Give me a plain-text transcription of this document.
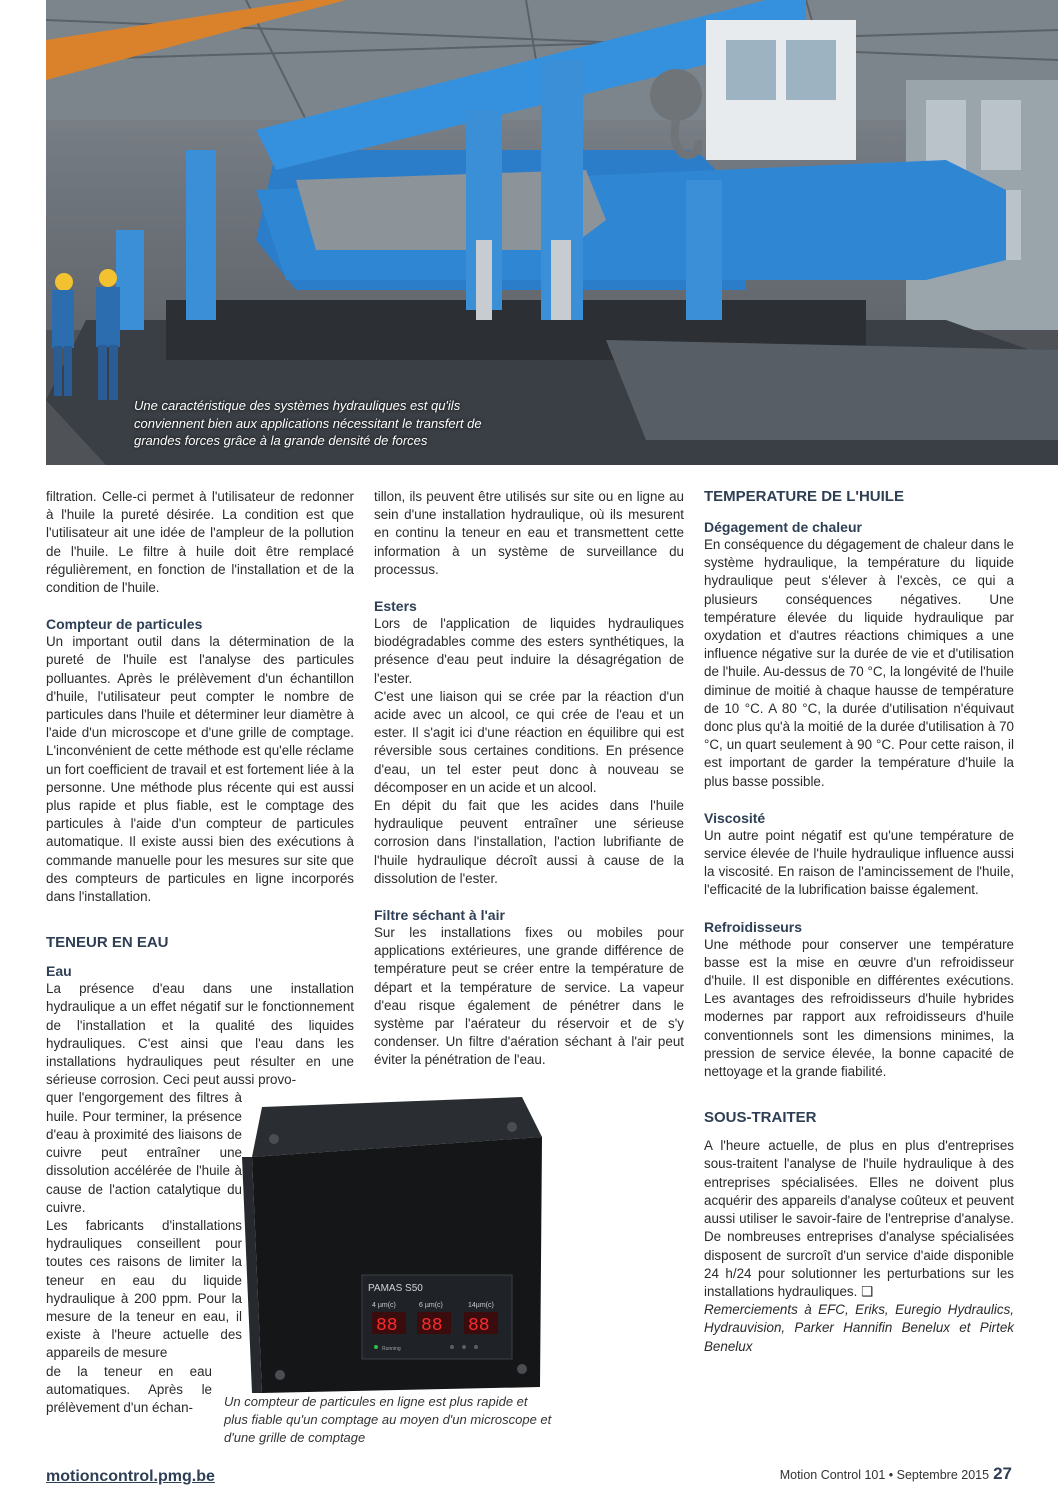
Une caractéristique des systèmes hydrauliques est qu'ils conviennent bien aux applications nécessitant le transfert de grandes forces grâce à la grande densité de forces

filtration. Celle-ci permet à l'utilisateur de redonner à l'huile la pureté désirée. La condition est que l'utilisateur ait une idée de l'ampleur de la pollution de l'huile. Le filtre à huile doit être remplacé régulièrement, en fonction de l'installation et de la condition de l'huile.

Compteur de particules

Un important outil dans la détermination de la pureté de l'huile est l'analyse des particules polluantes. Après le prélèvement d'un échantillon d'huile, l'utilisateur peut compter le nombre de particules dans l'huile et déterminer leur diamètre à l'aide d'un microscope et d'une grille de comptage. L'inconvénient de cette méthode est qu'elle réclame un fort coefficient de travail et est fortement liée à la personne. Une méthode plus récente qui est aussi plus rapide et plus fiable, est le comptage des particules à l'aide d'un compteur de particules automatique. Il existe aussi bien des exécutions à commande manuelle pour les mesures sur site que des compteurs de particules en ligne incorporés dans l'installation.

TENEUR EN EAU
Eau

La présence d'eau dans une installation hydraulique a un effet négatif sur le fonctionnement de l'installation et la qualité des liquides hydrauliques. C'est ainsi que l'eau dans les installations hydrauliques peut résulter en une sérieuse corrosion. Ceci peut aussi provo-

quer l'engorgement des filtres à huile. Pour terminer, la présence d'eau à proximité des liaisons de cuivre peut entraîner une dissolution accélérée de l'huile à cause de l'action catalytique du cuivre.

Les fabricants d'installations hydrauliques conseillent pour toutes ces raisons de limiter la teneur en eau du liquide hydraulique à 200 ppm. Pour la mesure de la teneur en eau, il existe à l'heure actuelle des appareils de mesure

de la teneur en eau automatiques. Après le prélèvement d'un échan-

tillon, ils peuvent être utilisés sur site ou en ligne au sein d'une installation hydraulique, où ils mesurent en continu la teneur en eau et transmettent cette information à un système de surveillance du processus.

Esters

Lors de l'application de liquides hydrauliques biodégradables comme des esters synthétiques, la présence d'eau peut induire la désagrégation de l'ester.

C'est une liaison qui se crée par la réaction d'un acide avec un alcool, ce qui crée de l'eau et un ester. Il s'agit ici d'une réaction en équilibre qui est réversible sous certaines conditions. En présence d'eau, un tel ester peut donc à nouveau se décomposer en un acide et un alcool.

En dépit du fait que les acides dans l'huile hydraulique peuvent entraîner une sérieuse corrosion dans l'installation, l'action lubrifiante de l'huile hydraulique décroît aussi à cause de la dissolution de l'ester.

Filtre séchant à l'air

Sur les installations fixes ou mobiles pour applications extérieures, une grande différence de température peut se créer entre la température de départ et la température de service. La vapeur d'eau risque également de pénétrer dans le système par l'aérateur du réservoir et de s'y condenser. Un filtre d'aération séchant à l'air peut éviter la pénétration de l'eau.

TEMPERATURE DE L'HUILE
Dégagement de chaleur

En conséquence du dégagement de chaleur dans le système hydraulique, la température du liquide hydraulique peut s'élever à l'excès, ce qui a plusieurs conséquences négatives. Une température élevée du liquide hydraulique par oxydation et d'autres réactions chimiques a une influence négative sur la durée de vie et d'utilisation de l'huile. Au-dessus de 70 °C, la longévité de l'huile diminue de moitié à chaque hausse de température de 10 °C. A 80 °C, la durée d'utilisation n'équivaut donc plus qu'à la moitié de la durée d'utilisation à 70 °C, un quart seulement à 90 °C. Pour cette raison, il est important de garder la température d'huile la plus basse possible.

Viscosité

Un autre point négatif est qu'une température de service élevée de l'huile hydraulique influence aussi la viscosité. En raison de l'amincissement de l'huile, l'efficacité de la lubrification baisse également.

Refroidisseurs

Une méthode pour conserver une température basse est la mise en œuvre d'un refroidisseur d'huile. Il est disponible en différentes exécutions. Les avantages des refroidisseurs d'huile hybrides modernes par rapport aux refroidisseurs d'huile conventionnels sont les dimensions minimes, la pression de service élevée, la bonne capacité de nettoyage et la grande fiabilité.

SOUS-TRAITER

A l'heure actuelle, de plus en plus d'entreprises sous-traitent l'analyse de l'huile hydraulique à des entreprises spécialisées. Elles ne doivent plus acquérir des appareils d'analyse coûteux et peuvent aussi utiliser le savoir-faire de l'entreprise d'analyse. De nombreuses entreprises d'analyse spécialisées disposent de surcroît d'un service d'aide disponible 24 h/24 pour solutionner les perturbations sur les installations hydrauliques. ❑

Remerciements à EFC, Eriks, Euregio Hydraulics, Hydrauvision, Parker Hannifin Benelux et Pirtek Benelux

PAMAS S50
4 µm(c)	6 µm(c)	14µm(c)
88 88 88
Running
Un compteur de particules en ligne est plus rapide et plus fiable qu'un comptage au moyen d'un microscope et d'une grille de comptage
motioncontrol.pmg.be	Motion Control 101 • Septembre 2015 27
